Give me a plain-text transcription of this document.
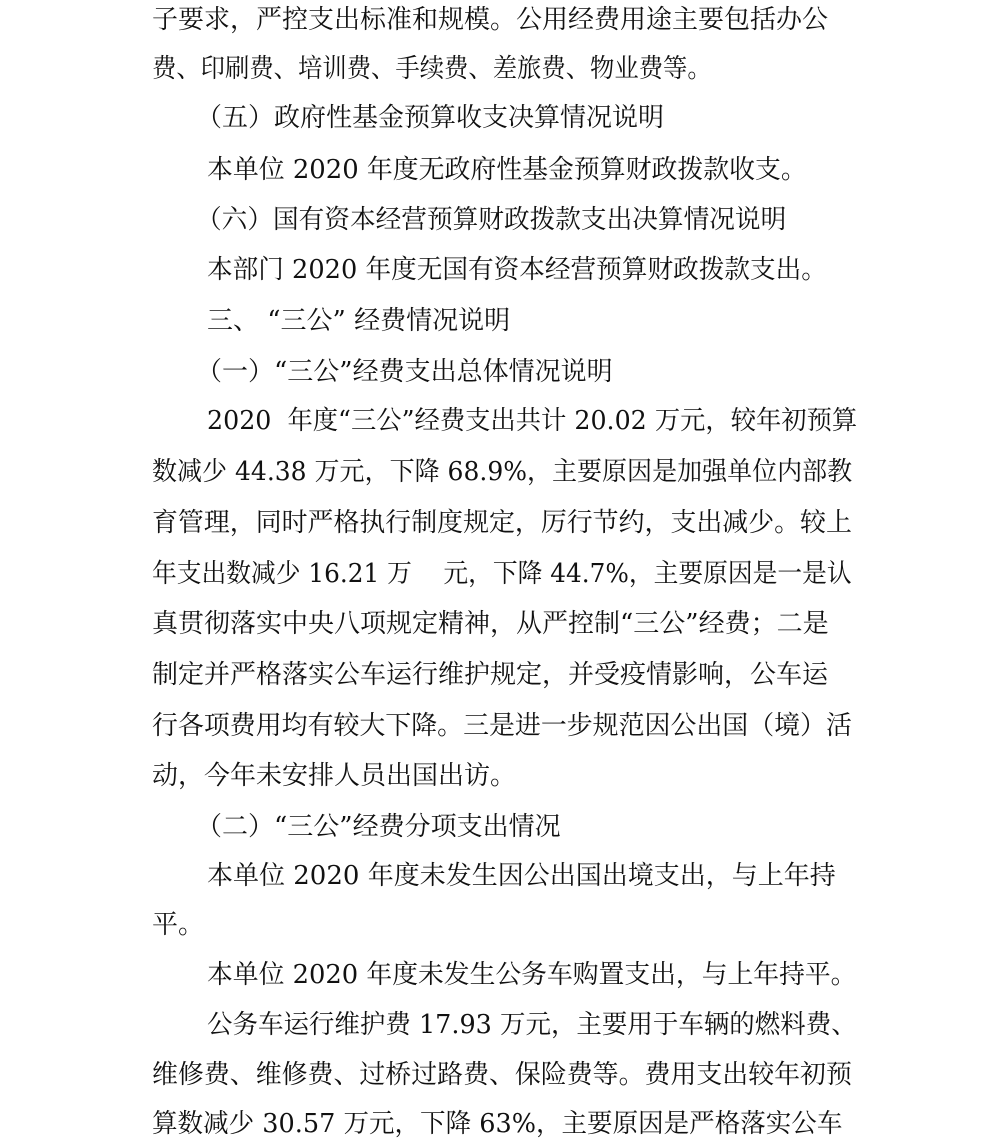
子要求，严控支出标准和规模。公用经费用途主要包括办公
费、印刷费、培训费、手续费、差旅费、物业费等。
（五）政府性基金预算收支决算情况说明
本单位 2020 年度无政府性基金预算财政拨款收支。
（六）国有资本经营预算财政拨款支出决算情况说明
本部门 2020 年度无国有资本经营预算财政拨款支出。
三、 “三公” 经费情况说明
（一）“三公”经费支出总体情况说明
2020  年度“三公”经费支出共计 20.02 万元，较年初预算
数减少 44.38 万元，下降 68.9%，主要原因是加强单位内部教
育管理，同时严格执行制度规定，厉行节约，支出减少。较上
年支出数减少 16.21 万    元，下降 44.7%，主要原因是一是认
真贯彻落实中央八项规定精神，从严控制“三公”经费；二是
制定并严格落实公车运行维护规定，并受疫情影响，公车运
行各项费用均有较大下降。三是进一步规范因公出国（境）活
动，今年未安排人员出国出访。
（二）“三公”经费分项支出情况
本单位 2020 年度未发生因公出国出境支出，与上年持
平。
本单位 2020 年度未发生公务车购置支出，与上年持平。
公务车运行维护费 17.93 万元，主要用于车辆的燃料费、
维修费、维修费、过桥过路费、保险费等。费用支出较年初预
算数减少 30.57 万元，下降 63%，主要原因是严格落实公车
